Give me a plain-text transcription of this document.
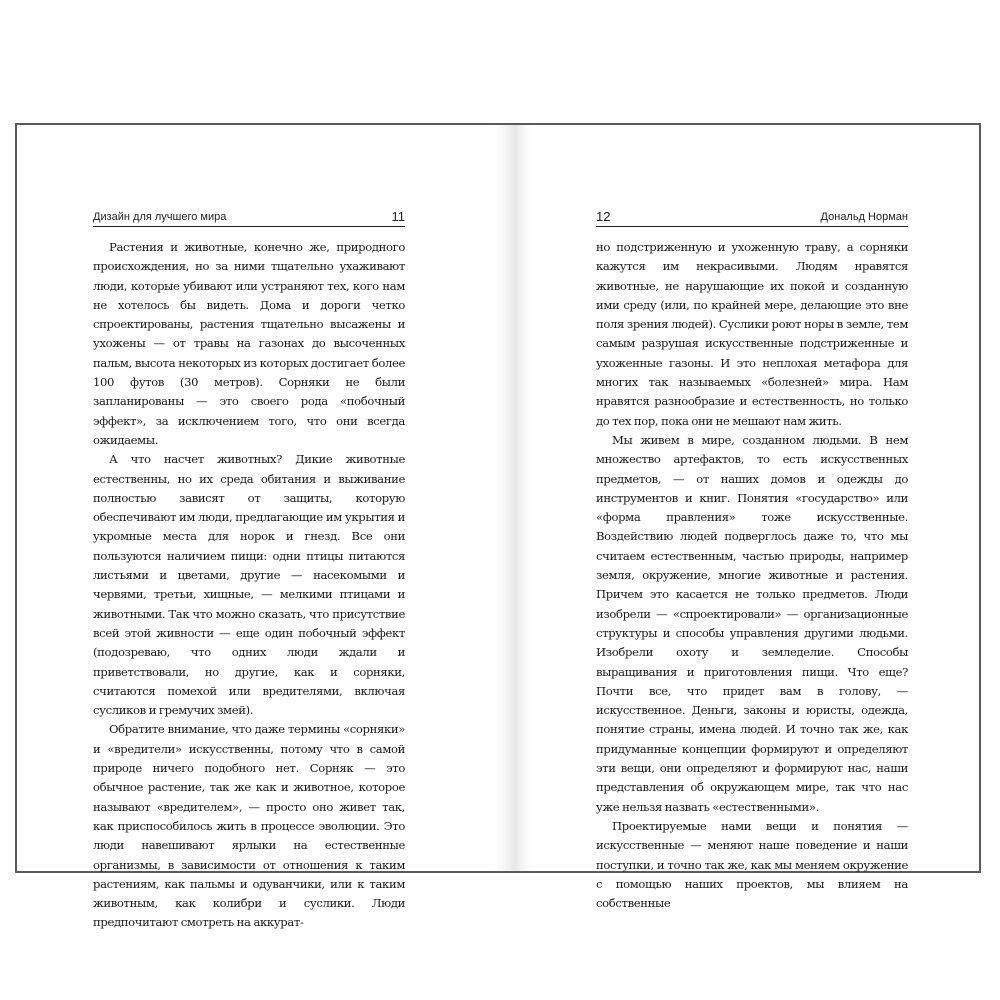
Дизайн для лучшего мира	11

Растения и животные, конечно же, природного происхождения, но за ними тщательно ухаживают люди, которые убивают или устраняют тех, кого нам не хотелось бы видеть. Дома и дороги четко спроектированы, растения тщательно высажены и ухожены — от травы на газонах до высоченных пальм, высота некоторых из которых достигает более 100 футов (30 метров). Сорняки не были запланированы — это своего рода «побочный эффект», за исключением того, что они всегда ожидаемы.

А что насчет животных? Дикие животные естественны, но их среда обитания и выживание полностью зависят от защиты, которую обеспечивают им люди, предлагающие им укрытия и укромные места для норок и гнезд. Все они пользуются наличием пищи: одни птицы питаются листьями и цветами, другие — насекомыми и червями, третьи, хищные, — мелкими птицами и животными. Так что можно сказать, что присутствие всей этой живности — еще один побочный эффект (подозреваю, что одних люди ждали и приветствовали, но другие, как и сорняки, считаются помехой или вредителями, включая сусликов и гремучих змей).

Обратите внимание, что даже термины «сорняки» и «вредители» искусственны, потому что в самой природе ничего подобного нет. Сорняк — это обычное растение, так же как и животное, которое называют «вредителем», — просто оно живет так, как приспособилось жить в процессе эволюции. Это люди навешивают ярлыки на естественные организмы, в зависимости от отношения к таким растениям, как пальмы и одуванчики, или к таким животным, как колибри и суслики. Люди предпочитают смотреть на аккурат-

12	Дональд Норман

но подстриженную и ухоженную траву, а сорняки кажутся им некрасивыми. Людям нравятся животные, не нарушающие их покой и созданную ими среду (или, по крайней мере, делающие это вне поля зрения людей). Суслики роют норы в земле, тем самым разрушая искусственные подстриженные и ухоженные газоны. И это неплохая метафора для многих так называемых «болезней» мира. Нам нравятся разнообразие и естественность, но только до тех пор, пока они не мешают нам жить.

Мы живем в мире, созданном людьми. В нем множество артефактов, то есть искусственных предметов, — от наших домов и одежды до инструментов и книг. Понятия «государство» или «форма правления» тоже искусственные. Воздействию людей подверглось даже то, что мы считаем естественным, частью природы, например земля, окружение, многие животные и растения. Причем это касается не только предметов. Люди изобрели — «спроектировали» — организационные структуры и способы управления другими людьми. Изобрели охоту и земледелие. Способы выращивания и приготовления пищи. Что еще? Почти все, что придет вам в голову, — искусственное. Деньги, законы и юристы, одежда, понятие страны, имена людей. И точно так же, как придуманные концепции формируют и определяют эти вещи, они определяют и формируют нас, наши представления об окружающем мире, так что нас уже нельзя назвать «естественными».

Проектируемые нами вещи и понятия — искусственные — меняют наше поведение и наши поступки, и точно так же, как мы меняем окружение с помощью наших проектов, мы влияем на собственные
